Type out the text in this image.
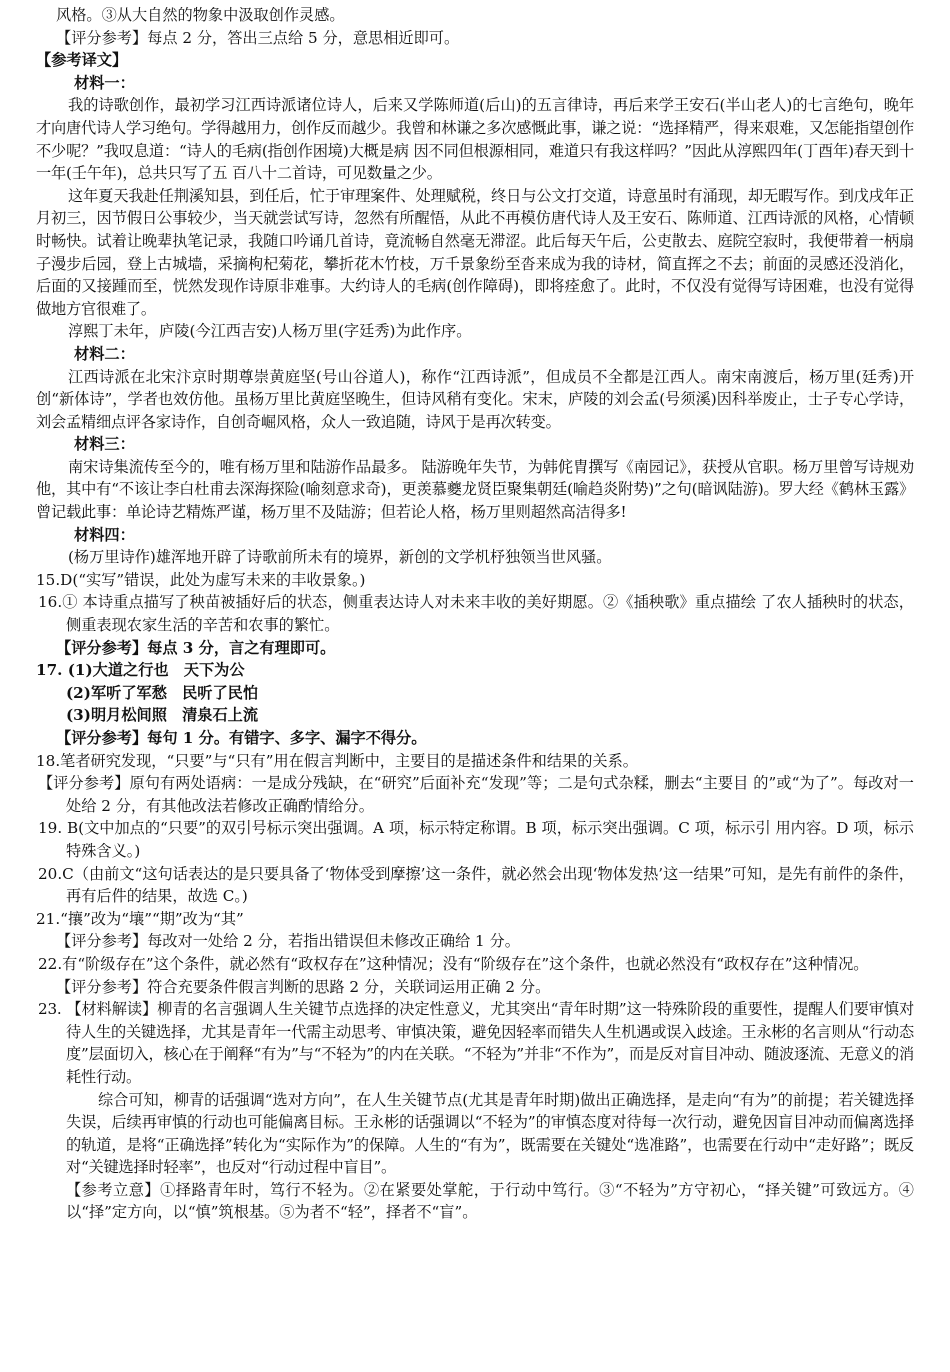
风格。③从大自然的物象中汲取创作灵感。

【评分参考】每点 2 分，答出三点给 5 分，意思相近即可。

【参考译文】

材料一：

我的诗歌创作，最初学习江西诗派诸位诗人，后来又学陈师道(后山)的五言律诗，再后来学王安石(半山老人)的七言绝句，晚年才向唐代诗人学习绝句。学得越用力，创作反而越少。我曾和林谦之多次感慨此事，谦之说：“选择精严，得来艰难，又怎能指望创作不少呢？”我叹息道：“诗人的毛病(指创作困境)大概是病 因不同但根源相同，难道只有我这样吗？”因此从淳熙四年(丁酉年)春天到十一年(壬午年)，总共只写了五 百八十二首诗，可见数量之少。

这年夏天我赴任荆溪知县，到任后，忙于审理案件、处理赋税，终日与公文打交道，诗意虽时有涌现，却无暇写作。到戊戌年正月初三，因节假日公事较少，当天就尝试写诗，忽然有所醒悟，从此不再模仿唐代诗人及王安石、陈师道、江西诗派的风格，心情顿时畅快。试着让晚辈执笔记录，我随口吟诵几首诗，竟流畅自然毫无滞涩。此后每天午后，公吏散去、庭院空寂时，我便带着一柄扇子漫步后园，登上古城墙，采摘枸杞菊花，攀折花木竹枝，万千景象纷至沓来成为我的诗材，简直挥之不去；前面的灵感还没消化，后面的又接踵而至，恍然发现作诗原非难事。大约诗人的毛病(创作障碍)，即将痊愈了。此时，不仅没有觉得写诗困难，也没有觉得做地方官很难了。

淳熙丁未年，庐陵(今江西吉安)人杨万里(字廷秀)为此作序。

材料二：

江西诗派在北宋汴京时期尊崇黄庭坚(号山谷道人)，称作“江西诗派”，但成员不全都是江西人。南宋南渡后，杨万里(廷秀)开创“新体诗”，学者也效仿他。虽杨万里比黄庭坚晚生，但诗风稍有变化。宋末，庐陵的刘会孟(号须溪)因科举废止，士子专心学诗，刘会孟精细点评各家诗作，自创奇崛风格，众人一致追随，诗风于是再次转变。

材料三：

南宋诗集流传至今的，唯有杨万里和陆游作品最多。 陆游晚年失节，为韩侂胄撰写《南园记》，获授从官职。杨万里曾写诗规劝他，其中有“不该让李白杜甫去深海探险(喻刻意求奇)，更羡慕夔龙贤臣聚集朝廷(喻趋炎附势)”之句(暗讽陆游)。罗大经《鹤林玉露》曾记载此事：单论诗艺精炼严谨，杨万里不及陆游；但若论人格，杨万里则超然高洁得多!

材料四：

(杨万里诗作)雄浑地开辟了诗歌前所未有的境界，新创的文学机杼独领当世风骚。

15.D(“实写”错误，此处为虚写未来的丰收景象。)

16.① 本诗重点描写了秧苗被插好后的状态，侧重表达诗人对未来丰收的美好期愿。②《插秧歌》重点描绘 了农人插秧时的状态，侧重表现农家生活的辛苦和农事的繁忙。

【评分参考】每点 3 分，言之有理即可。

17. (1)大道之行也　天下为公

(2)军听了军愁　民听了民怕

(3)明月松间照　清泉石上流

【评分参考】每句 1 分。有错字、多字、漏字不得分。

18.笔者研究发现，“只要”与“只有”用在假言判断中，主要目的是描述条件和结果的关系。

【评分参考】原句有两处语病：一是成分残缺，在“研究”后面补充“发现”等；二是句式杂糅，删去“主要目 的”或“为了”。每改对一处给 2 分，有其他改法若修改正确酌情给分。

19. B(文中加点的“只要”的双引号标示突出强调。A 项，标示特定称谓。B 项，标示突出强调。C 项，标示引 用内容。D 项，标示特殊含义。)

20.C（由前文“这句话表达的是只要具备了‘物体受到摩擦’这一条件，就必然会出现‘物体发热’这一结果”可知，是先有前件的条件，再有后件的结果，故选 C。)

21.“攘”改为“壤”“期”改为“其”

【评分参考】每改对一处给 2 分，若指出错误但未修改正确给 1 分。

22.有“阶级存在”这个条件，就必然有“政权存在”这种情况；没有“阶级存在”这个条件，也就必然没有“政权存在”这种情况。

【评分参考】符合充要条件假言判断的思路 2 分，关联词运用正确 2 分。

23. 【材料解读】柳青的名言强调人生关键节点选择的决定性意义，尤其突出“青年时期”这一特殊阶段的重要性，提醒人们要审慎对待人生的关键选择，尤其是青年一代需主动思考、审慎决策，避免因轻率而错失人生机遇或误入歧途。王永彬的名言则从“行动态度”层面切入，核心在于阐释“有为”与“不轻为”的内在关联。“不轻为”并非“不作为”，而是反对盲目冲动、随波逐流、无意义的消耗性行动。

综合可知，柳青的话强调“选对方向”，在人生关键节点(尤其是青年时期)做出正确选择，是走向“有为”的前提；若关键选择失误，后续再审慎的行动也可能偏离目标。王永彬的话强调以“不轻为”的审慎态度对待每一次行动，避免因盲目冲动而偏离选择的轨道，是将“正确选择”转化为“实际作为”的保障。人生的“有为”，既需要在关键处“选准路”，也需要在行动中“走好路”；既反对“关键选择时轻率”，也反对“行动过程中盲目”。

【参考立意】①择路青年时，笃行不轻为。②在紧要处掌舵，于行动中笃行。③“不轻为”方守初心，“择关键”可致远方。④以“择”定方向，以“慎”筑根基。⑤为者不“轻”，择者不“盲”。
